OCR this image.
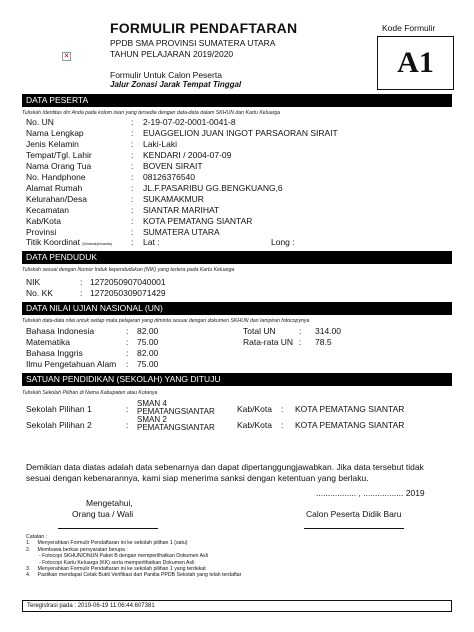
✕
FORMULIR PENDAFTARAN
PPDB SMA PROVINSI SUMATERA UTARA
TAHUN PELAJARAN 2019/2020
Formulir Untuk Calon Peserta
Jalur Zonasi Jarak Tempat Tinggal
Kode Formulir
A1
DATA PESERTA
Tuliskah Identitas diri Anda pada kolom isian yang tersedia dengan data-data dalam SKHUN dan Kartu Keluarga
No. UN	: 2-19-07-02-0001-0041-8
Nama Lengkap	: EUAGGELION JUAN INGOT PARSAORAN SIRAIT
Jenis Kelamin	: Laki-Laki
Tempat/Tgl. Lahir	: KENDARI / 2004-07-09
Nama Orang Tua	: BOVEN SIRAIT
No. Handphone	: 08126376540
Alamat Rumah	: JL.F.PASARIBU GG.BENGKUANG,6
Kelurahan/Desa	: SUKAMAKMUR
Kecamatan	: SIANTAR MARIHAT
Kab/Kota	: KOTA PEMATANG SIANTAR
Provinsi	: SUMATERA UTARA
Titik Koordinat (Desimal/penanda) : Lat :	Long :
DATA PENDUDUK
Tuliskah sesuai dengan Nomor Induk kependudukan (NIK) yang tertera pada Kartu Keluarga
NIK	: 1272050907040001
No. KK	: 1272050309071429
DATA NILAI UJIAN NASIONAL (UN)
Tuliskah data-data nilai untuk setiap mata pelajaran yang diminta sesuai dengan dokumen SKHUN dan lampiran fotocopynya
Bahasa Indonesia	: 82.00
Matematika	: 75.00
Bahasa Inggris	: 82.00
Ilmu Pengetahuan Alam : 75.00
Total UN	: 314.00
Rata-rata UN : 78.5
SATUAN PENDIDIKAN (SEKOLAH) YANG DITUJU
Tuliskah Sekolah Pilihan di Nama Kabupaten atau Kotanya
Sekolah Pilihan 1	:
SMAN 4
PEMATANGSIANTAR	Kab/Kota : KOTA PEMATANG SIANTAR
Sekolah Pilihan 2	:
SMAN 2
PEMATANGSIANTAR	Kab/Kota : KOTA PEMATANG SIANTAR
Demikian data diatas adalah data sebenarnya dan dapat dipertanggungjawabkan. Jika data tersebut tidak sesuai dengan kebenarannya, kami siap menerima sanksi dengan ketentuan yang berlaku.
................. , ................. 2019
Mengetahui,
Orang tua / Wali	Calon Peserta Didik Baru
Catatan :
1.     Menyerahkan Formulir Pendaftaran ini ke sekolah pilihan 1 (satu)
2.     Membawa berkas persyaratan berupa :
- Fotocopi SKHUN/DNUN Paket B dengan memperlihatkan Dokumen Asli
- Fotocopi Kartu Keluarga (KK) serta memperlihatkan Dokumen Asli
3.     Menyerahkan Formulir Pendaftaran ini ke sekolah pilihan 1 yang terdekat
4.     Pastikan mendapat Cetak Bukti Verifikasi dari Panitia PPDB Sekolah yang telah terdaftar
Teregistrasi pada : 2019-06-19 11:06:44.607381
